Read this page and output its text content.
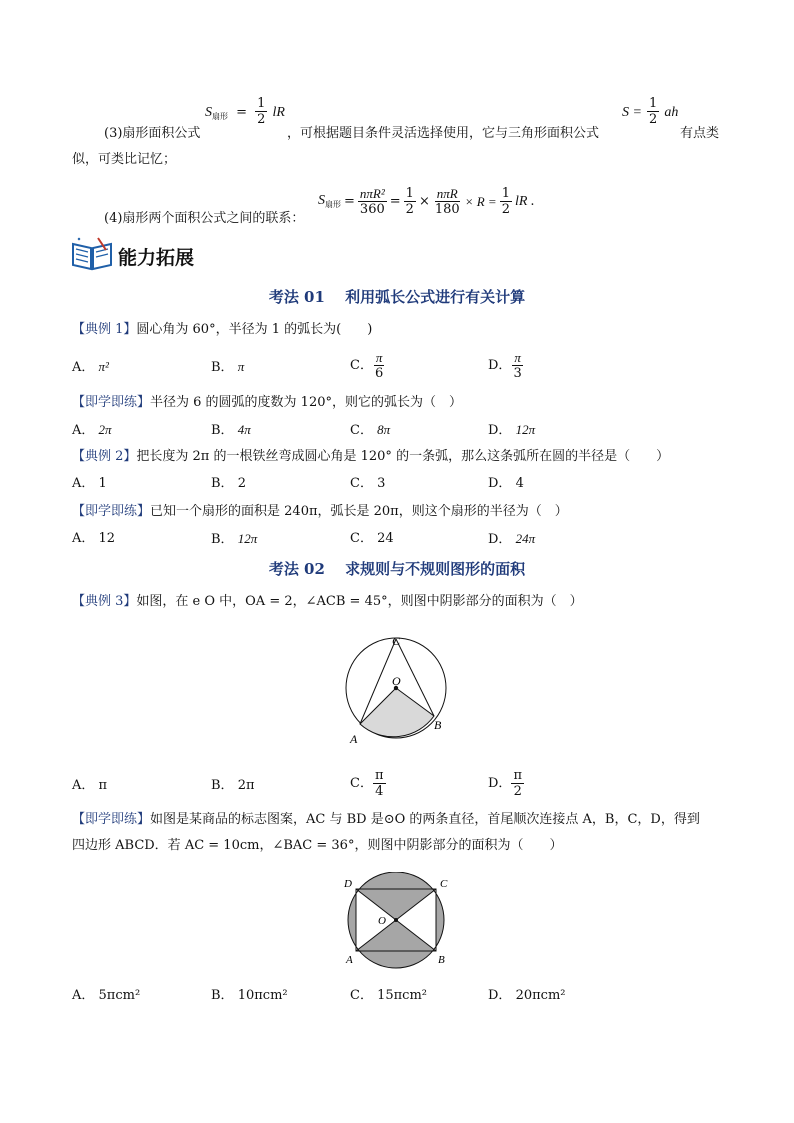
(3)扇形面积公式
$S_{扇形} = \frac{1}{2}$ lR
，可根据题目条件灵活选择使用，它与三角形面积公式
$S = \frac{1}{2}$ ah
有点类
似，可类比记忆；
(4)扇形两个面积公式之间的联系：
$S_{扇形} = \frac{\text{nπR²}}{360} = \frac{1}{2} \times \frac{\text{nπR}}{180} \times R = \frac{1}{2}$ lR .
能力拓展
考法 01　 利用弧长公式进行有关计算
【典例 1】圆心角为 60°，半径为 1 的弧长为(　　)
A． π²	B． π	C． $\frac{\pi}{6}$	D． $\frac{\pi}{3}$
【即学即练】半径为 6 的圆弧的度数为 120°，则它的弧长为（　）
A． 2π	B． 4π	C． 8π	D． 12π
【典例 2】把长度为 2π 的一根铁丝弯成圆心角是 120° 的一条弧，那么这条弧所在圆的半径是（　　）
A． 1	B． 2	C． 3	D． 4
【即学即练】已知一个扇形的面积是 240π，弧长是 20π，则这个扇形的半径为（　）
A． 12	B． 12π	C． 24	D． 24π
考法 02　 求规则与不规则图形的面积
【典例 3】如图，在 e O 中，OA = 2，∠ACB = 45°，则图中阴影部分的面积为（　）
C
O
A
B
A． π	B． 2π	C． $\frac{\pi}{4}$	D． $\frac{\pi}{2}$
【即学即练】如图是某商品的标志图案，AC 与 BD 是⊙O 的两条直径，首尾顺次连接点 A，B，C，D，得到
四边形 ABCD．若 AC = 10cm，∠BAC = 36°，则图中阴影部分的面积为（　　）
D	C
O
A	B
A． 5πcm²	B． 10πcm²	C． 15πcm²	D． 20πcm²
